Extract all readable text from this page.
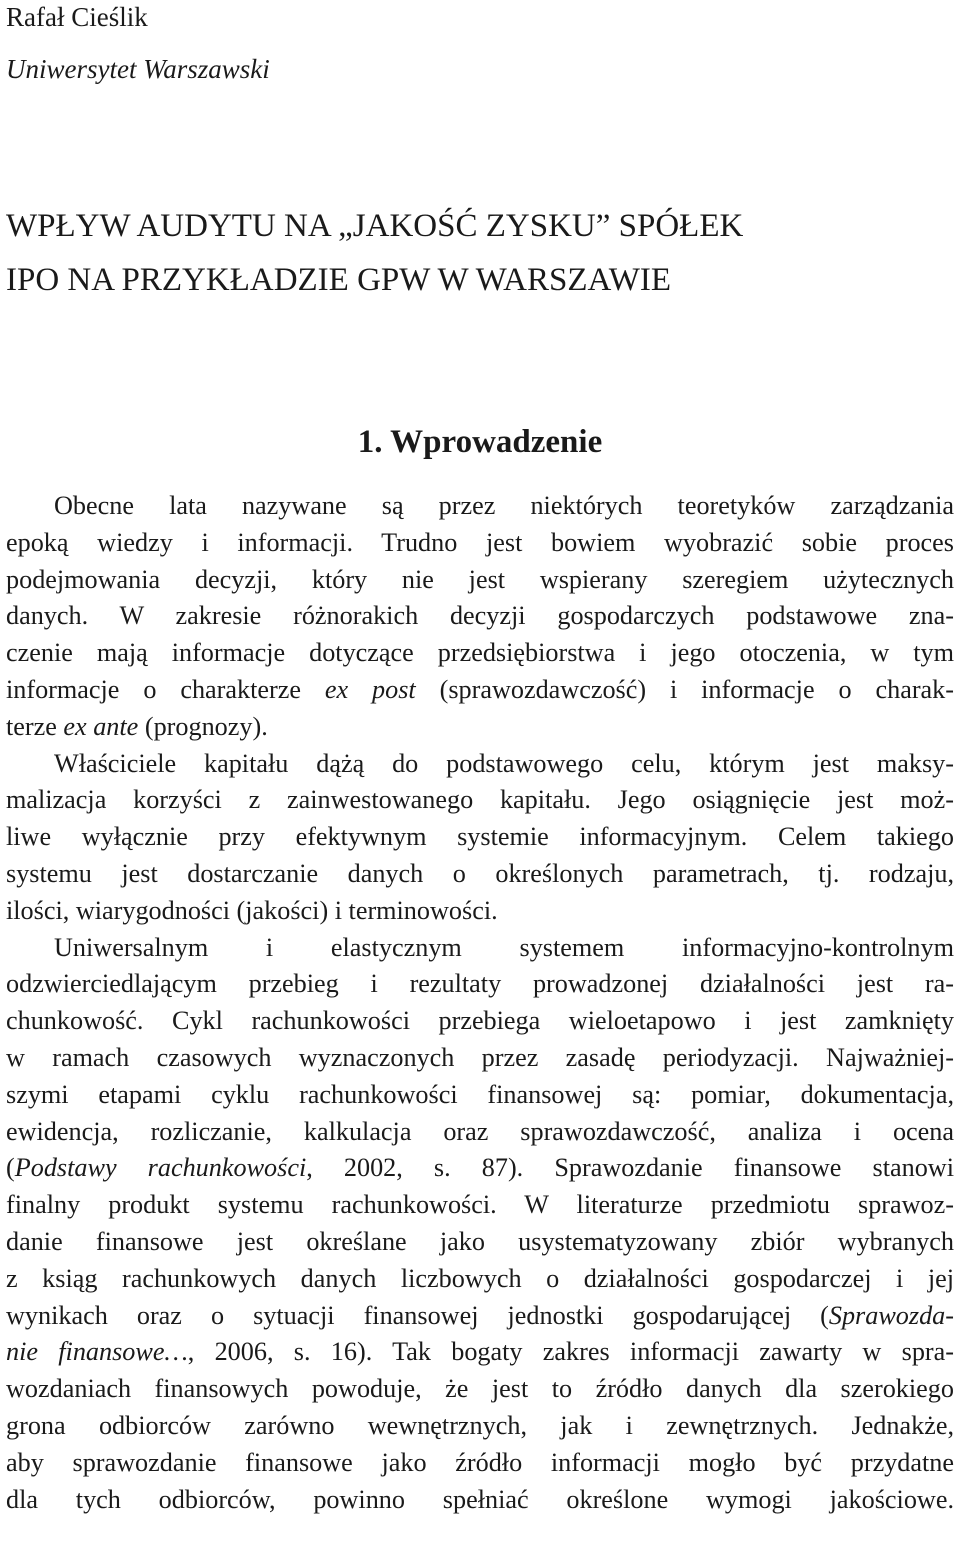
Rafał Cieślik
Uniwersytet Warszawski
WPŁYW AUDYTU NA „JAKOŚĆ ZYSKU” SPÓŁEK
IPO NA PRZYKŁADZIE GPW W WARSZAWIE
1. Wprowadzenie
Obecne lata nazywane są przez niektórych teoretyków zarządzania
epoką wiedzy i informacji. Trudno jest bowiem wyobrazić sobie proces
podejmowania decyzji, który nie jest wspierany szeregiem użytecznych
danych. W zakresie różnorakich decyzji gospodarczych podstawowe zna-
czenie mają informacje dotyczące przedsiębiorstwa i jego otoczenia, w tym
informacje o charakterze ex post (sprawozdawczość) i informacje o charak-
terze ex ante (prognozy).
Właściciele kapitału dążą do podstawowego celu, którym jest maksy-
malizacja korzyści z zainwestowanego kapitału. Jego osiągnięcie jest moż-
liwe wyłącznie przy efektywnym systemie informacyjnym. Celem takiego
systemu jest dostarczanie danych o określonych parametrach, tj. rodzaju,
ilości, wiarygodności (jakości) i terminowości.
Uniwersalnym i elastycznym systemem informacyjno-kontrolnym
odzwierciedlającym przebieg i rezultaty prowadzonej działalności jest ra-
chunkowość. Cykl rachunkowości przebiega wieloetapowo i jest zamknięty
w ramach czasowych wyznaczonych przez zasadę periodyzacji. Najważniej-
szymi etapami cyklu rachunkowości finansowej są: pomiar, dokumentacja,
ewidencja, rozliczanie, kalkulacja oraz sprawozdawczość, analiza i ocena
(Podstawy rachunkowości, 2002, s. 87). Sprawozdanie finansowe stanowi
finalny produkt systemu rachunkowości. W literaturze przedmiotu sprawoz-
danie finansowe jest określane jako usystematyzowany zbiór wybranych
z ksiąg rachunkowych danych liczbowych o działalności gospodarczej i jej
wynikach oraz o sytuacji finansowej jednostki gospodarującej (Sprawozda-
nie finansowe…, 2006, s. 16). Tak bogaty zakres informacji zawarty w spra-
wozdaniach finansowych powoduje, że jest to źródło danych dla szerokiego
grona odbiorców zarówno wewnętrznych, jak i zewnętrznych. Jednakże,
aby sprawozdanie finansowe jako źródło informacji mogło być przydatne
dla tych odbiorców, powinno spełniać określone wymogi jakościowe.
